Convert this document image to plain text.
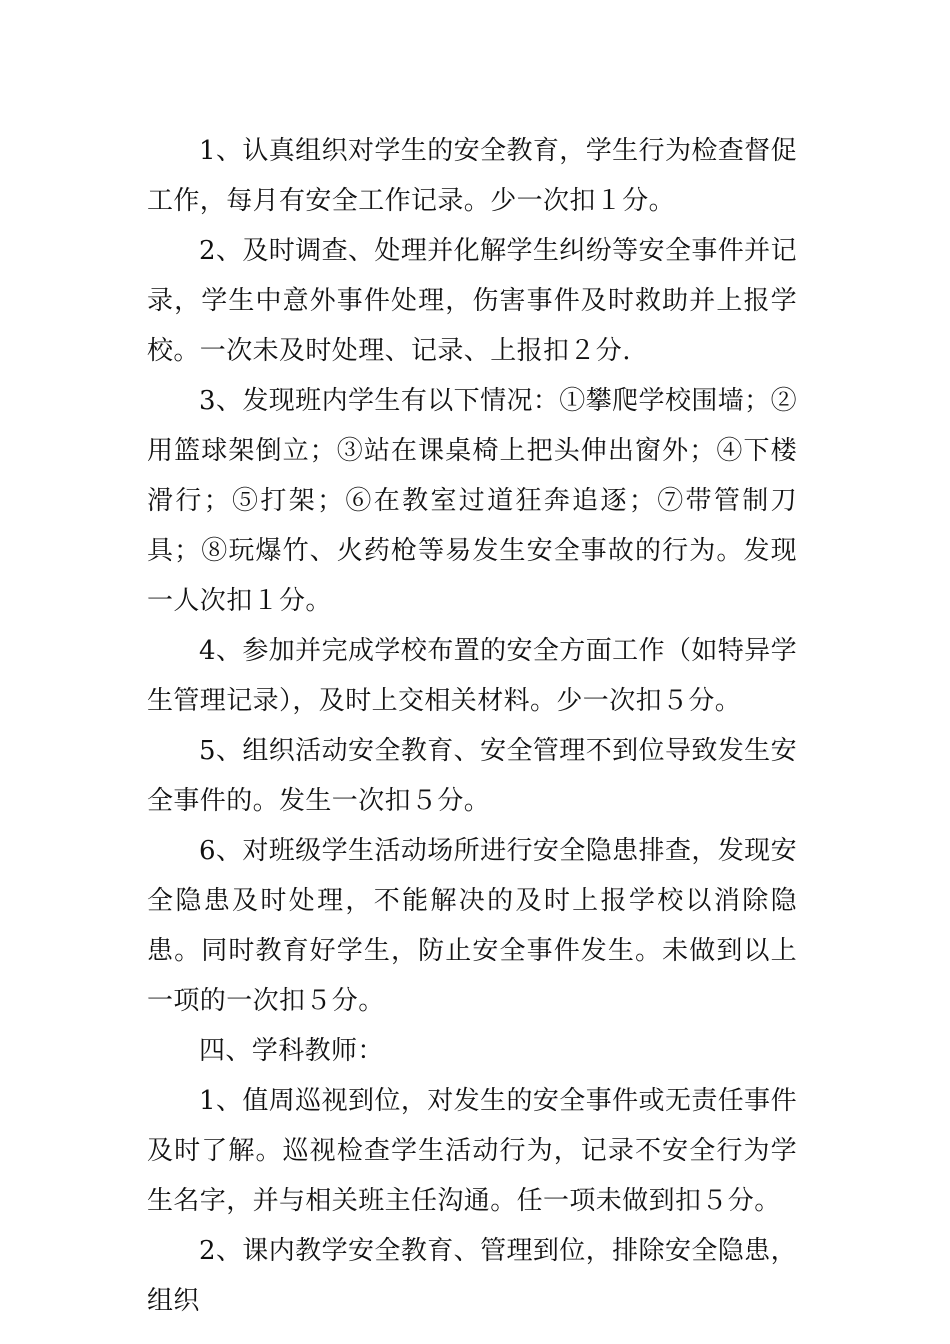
1、认真组织对学生的安全教育，学生行为检查督促工作，每月有安全工作记录。少一次扣１分。

2、及时调查、处理并化解学生纠纷等安全事件并记录，学生中意外事件处理，伤害事件及时救助并上报学校。一次未及时处理、记录、上报扣２分.

3、发现班内学生有以下情况：①攀爬学校围墙；②用篮球架倒立；③站在课桌椅上把头伸出窗外；④下楼滑行；⑤打架；⑥在教室过道狂奔追逐；⑦带管制刀具；⑧玩爆竹、火药枪等易发生安全事故的行为。发现一人次扣１分。

4、参加并完成学校布置的安全方面工作（如特异学生管理记录），及时上交相关材料。少一次扣５分。

5、组织活动安全教育、安全管理不到位导致发生安全事件的。发生一次扣５分。

6、对班级学生活动场所进行安全隐患排查，发现安全隐患及时处理，不能解决的及时上报学校以消除隐患。同时教育好学生，防止安全事件发生。未做到以上一项的一次扣５分。

四、学科教师：

1、值周巡视到位，对发生的安全事件或无责任事件及时了解。巡视检查学生活动行为，记录不安全行为学生名字，并与相关班主任沟通。任一项未做到扣５分。

2、课内教学安全教育、管理到位，排除安全隐患，组织
